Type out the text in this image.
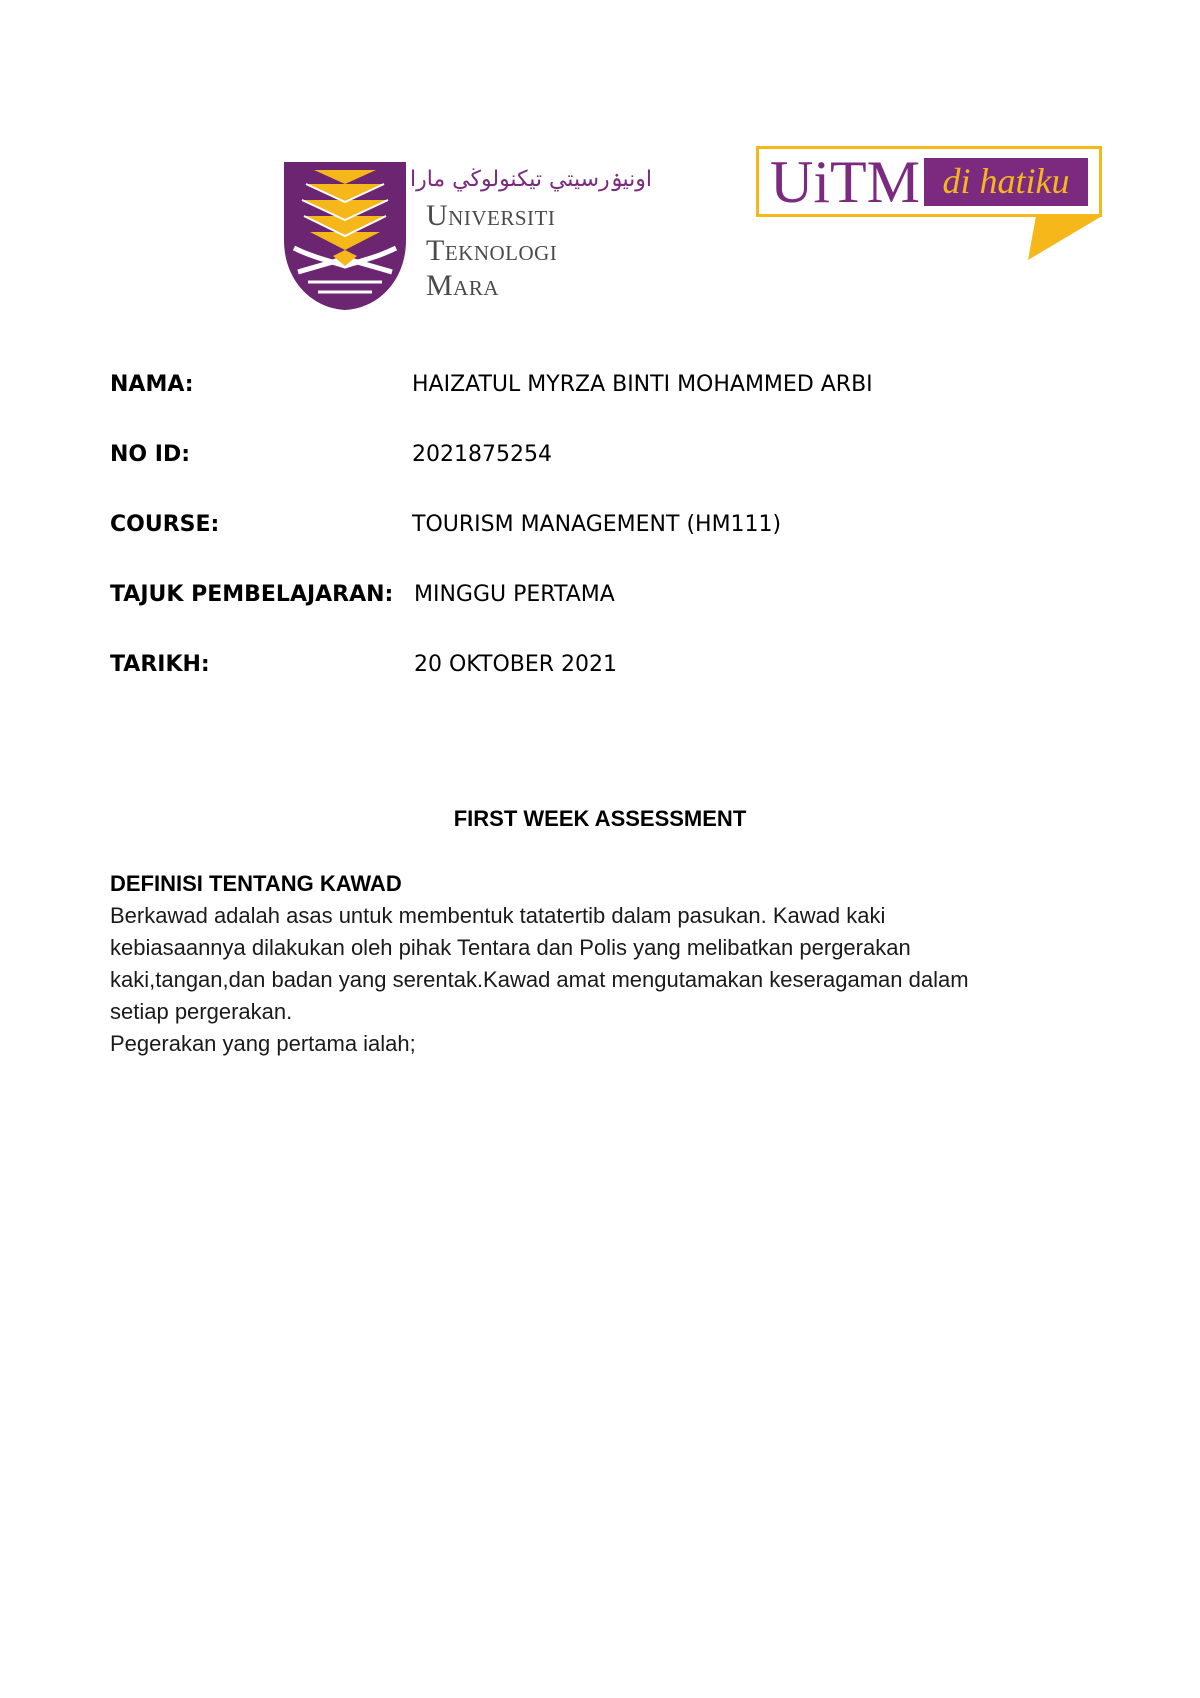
اونيۏرسيتي تيكنولوڬي مارا
Universiti
Teknologi
Mara
UiTM di hatiku
NAMA:	HAIZATUL MYRZA BINTI MOHAMMED ARBI
NO ID:	2021875254
COURSE:	TOURISM MANAGEMENT (HM111)
TAJUK PEMBELAJARAN: MINGGU PERTAMA
TARIKH:	20 OKTOBER 2021
FIRST WEEK ASSESSMENT

DEFINISI TENTANG KAWAD

Berkawad adalah asas untuk membentuk tatatertib dalam pasukan. Kawad kaki

kebiasaannya dilakukan oleh pihak Tentara dan Polis yang melibatkan pergerakan

kaki,tangan,dan badan yang serentak.Kawad amat mengutamakan keseragaman dalam

setiap pergerakan.

Pegerakan yang pertama ialah;
